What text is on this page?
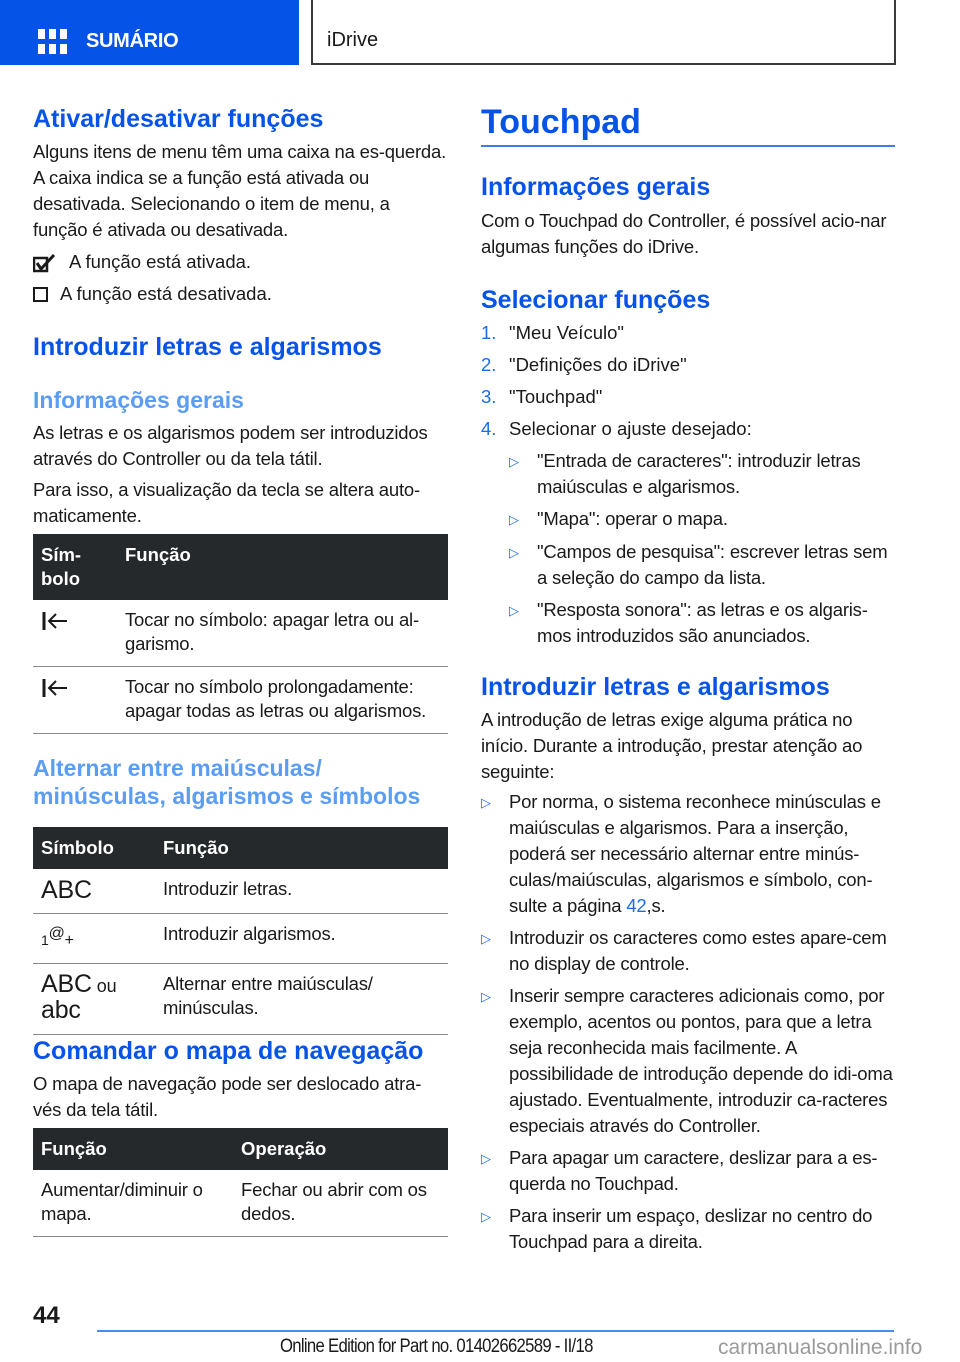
SUMÁRIO	iDrive
Ativar/desativar funções

Alguns itens de menu têm uma caixa na es-querda. A caixa indica se a função está ativada ou desativada. Selecionando o item de menu, a função é ativada ou desativada.

A função está ativada.
A função está desativada.
Introduzir letras e algarismos
Informações gerais

As letras e os algarismos podem ser introduzidos através do Controller ou da tela tátil.

Para isso, a visualização da tecla se altera auto-maticamente.

Sím-bolo	Função
	Tocar no símbolo: apagar letra ou al-garismo.
	Tocar no símbolo prolongadamente: apagar todas as letras ou algarismos.
Alternar entre maiúsculas/ minúsculas, algarismos e símbolos
Símbolo	Função
ABC	Introduzir letras.
1@+	Introduzir algarismos.
ABC ou
abc	Alternar entre maiúsculas/ minúsculas.
Comandar o mapa de navegação

O mapa de navegação pode ser deslocado atra-vés da tela tátil.

Função	Operação
Aumentar/diminuir o mapa.	Fechar ou abrir com os dedos.
Touchpad
Informações gerais

Com o Touchpad do Controller, é possível acio-nar algumas funções do iDrive.

Selecionar funções
1. "Meu Veículo"
2. "Definições do iDrive"
3. "Touchpad"
4. Selecionar o ajuste desejado:
▷ "Entrada de caracteres": introduzir letras maiúsculas e algarismos.
▷ "Mapa": operar o mapa.
▷ "Campos de pesquisa": escrever letras sem a seleção do campo da lista.
▷ "Resposta sonora": as letras e os algaris-mos introduzidos são anunciados.
Introduzir letras e algarismos

A introdução de letras exige alguma prática no início. Durante a introdução, prestar atenção ao seguinte:

▷ Por norma, o sistema reconhece minúsculas e maiúsculas e algarismos. Para a inserção, poderá ser necessário alternar entre minús-culas/maiúsculas, algarismos e símbolo, con-sulte a página 42,s.
▷ Introduzir os caracteres como estes apare-cem no display de controle.
▷ Inserir sempre caracteres adicionais como, por exemplo, acentos ou pontos, para que a letra seja reconhecida mais facilmente. A possibilidade de introdução depende do idi-oma ajustado. Eventualmente, introduzir ca-racteres especiais através do Controller.
▷ Para apagar um caractere, deslizar para a es-querda no Touchpad.
▷ Para inserir um espaço, deslizar no centro do Touchpad para a direita.
44
Online Edition for Part no. 01402662589 - II/18	carmanualsonline.info
